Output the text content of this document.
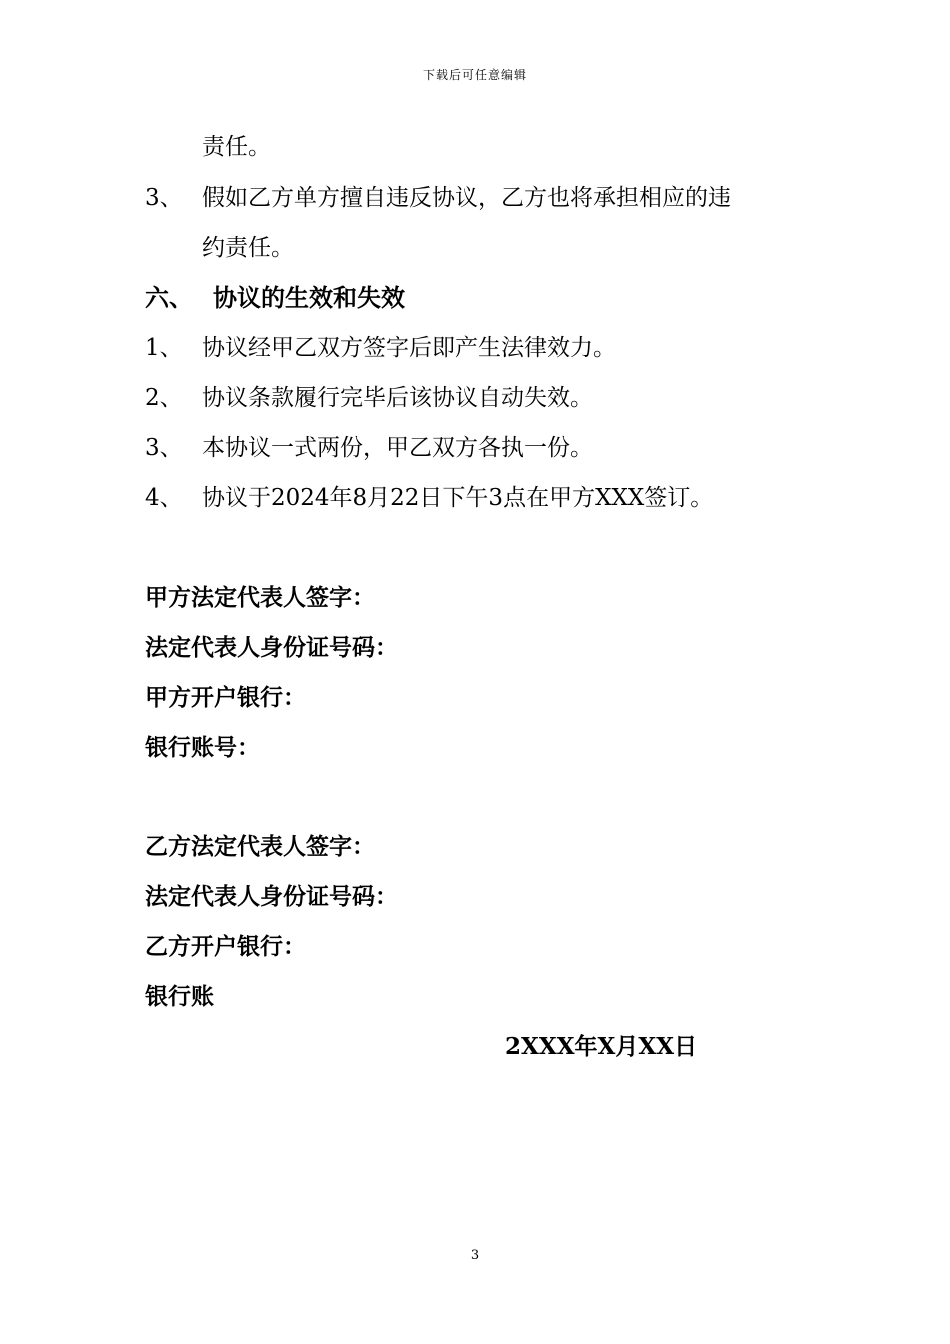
下载后可任意编辑
责任。
3、 假如乙方单方擅自违反协议，乙方也将承担相应的违
约责任。
六、 协议的生效和失效
1、 协议经甲乙双方签字后即产生法律效力。
2、 协议条款履行完毕后该协议自动失效。
3、 本协议一式两份，甲乙双方各执一份。
4、 协议于2024年8月22日下午3点在甲方XXX签订。
甲方法定代表人签字：
法定代表人身份证号码：
甲方开户银行：
银行账号：
乙方法定代表人签字：
法定代表人身份证号码：
乙方开户银行：
银行账
2XXX年X月XX日
3
